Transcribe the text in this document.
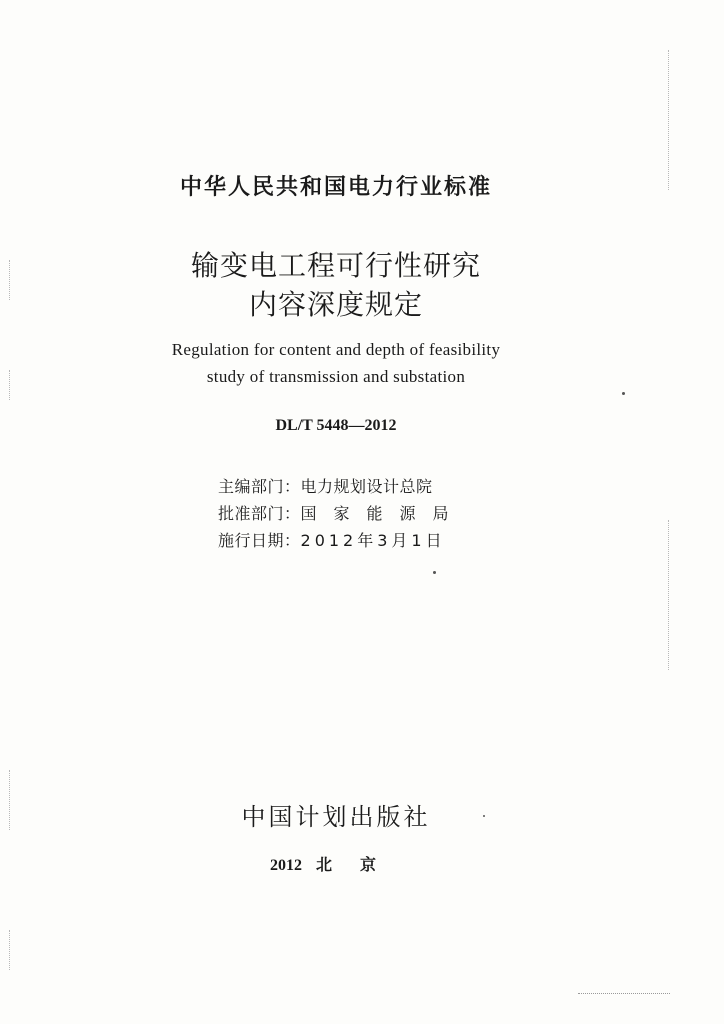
中华人民共和国电力行业标准

输变电工程可行性研究

内容深度规定

Regulation for content and depth of feasibility

study of transmission and substation

DL/T 5448—2012

主编部门：电力规划设计总院
批准部门：国家能源局
施行日期：2012年3月1日

中国计划出版社

2012 北 京
